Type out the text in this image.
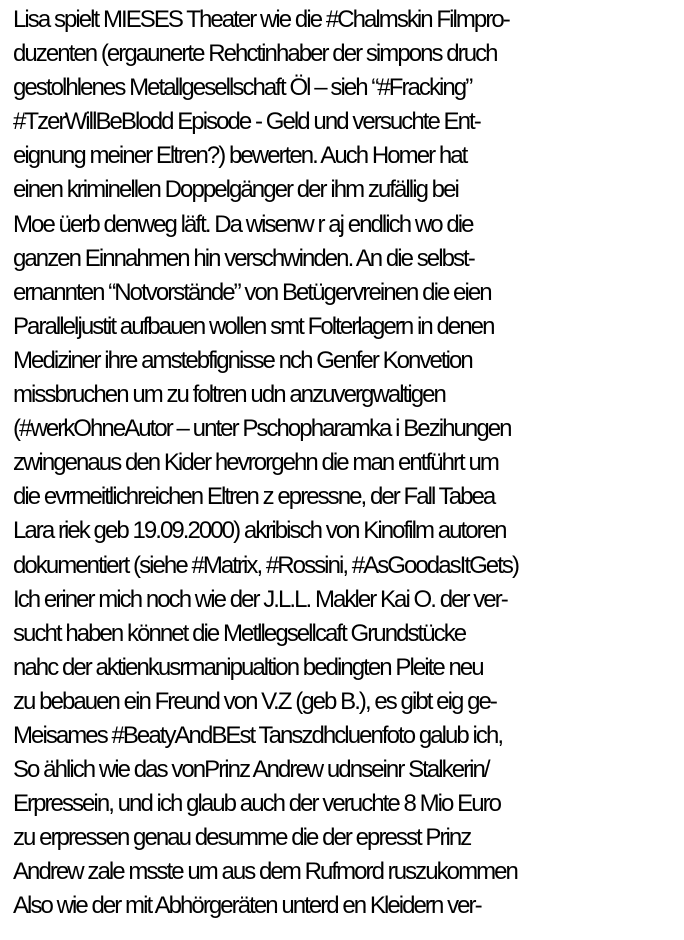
Lisa spielt MIESES Theater wie die #Chalmskin Filmpro-
duzenten (ergaunerte Rehctinhaber der simpons druch
gestolhlenes Metallgesellschaft Öl – sieh “#Fracking”
#TzerWillBeBlodd Episode - Geld und versuchte Ent-
eignung meiner Eltren?) bewerten. Auch Homer hat
einen kriminellen Doppelgänger der ihm zufällig bei
Moe üerb denweg läft. Da wisenw r aj endlich wo die
ganzen Einnahmen hin verschwinden. An die selbst-
ernannten “Notvorstände” von Betügervreinen die eien
Paralleljustit aufbauen wollen smt Folterlagern in denen
Mediziner ihre amstebfignisse nch Genfer Konvetion
missbruchen um zu foltren udn anzuvergwaltigen
(#werkOhneAutor – unter Pschopharamka i Bezihungen
zwingenaus den Kider hevrorgehn die man entführt um
die evrmeitlichreichen Eltren z epressne, der Fall Tabea
Lara riek geb 19.09.2000) akribisch von Kinofilm autoren
dokumentiert (siehe #Matrix, #Rossini, #AsGoodasItGets)
Ich eriner mich noch wie der J.L.L. Makler Kai O. der ver-
sucht haben könnet die Metllegsellcaft Grundstücke
nahc der aktienkusrmanipualtion bedingten Pleite neu
zu bebauen ein Freund von V.Z (geb B.), es gibt eig ge-
Meisames #BeatyAndBEst Tanszdhcluenfoto galub ich,
So ählich wie das vonPrinz Andrew udnseinr Stalkerin/
Erpressein, und ich glaub auch der veruchte 8 Mio Euro
zu erpressen genau desumme die der epresst Prinz
Andrew zale msste um aus dem Rufmord ruszukommen
Also wie der mit Abhörgeräten unterd en Kleidern ver-
